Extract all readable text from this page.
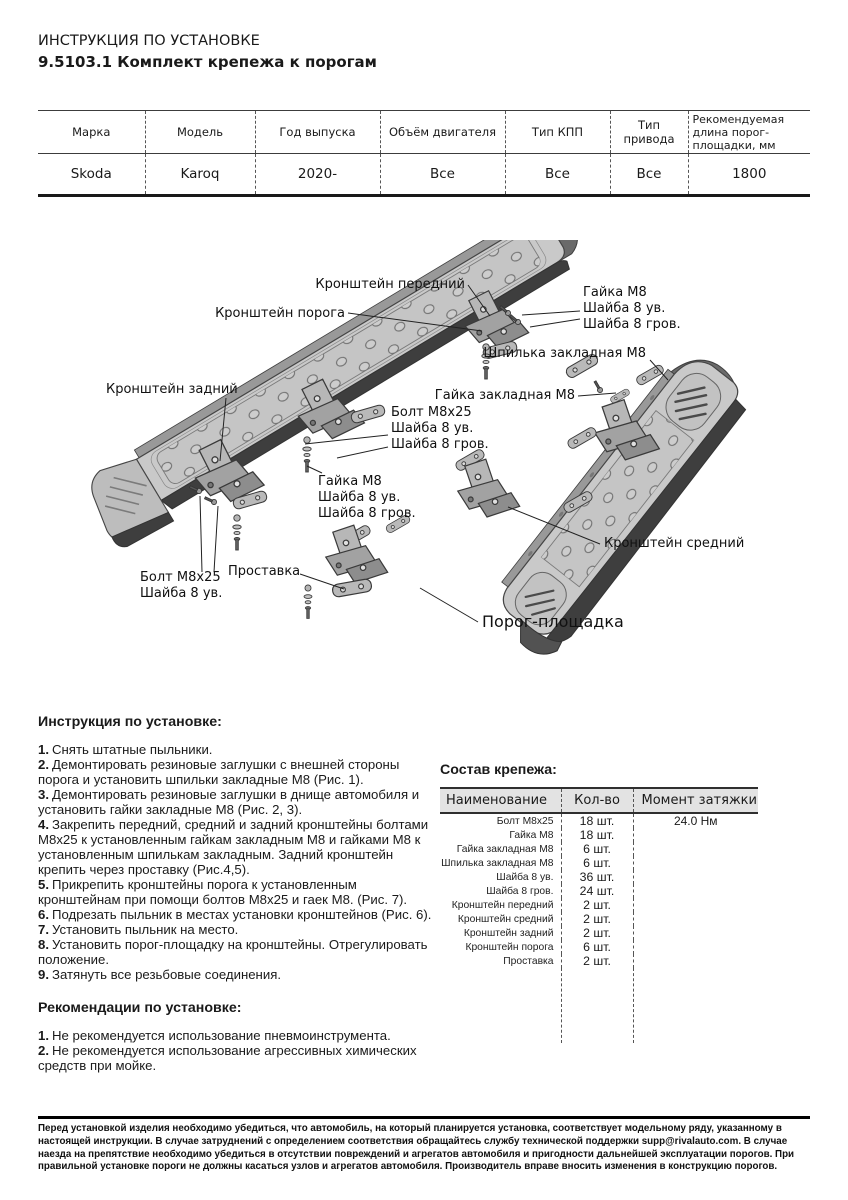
ИНСТРУКЦИЯ ПО УСТАНОВКЕ
9.5103.1 Комплект крепежа к порогам
Марка	Модель	Год выпуска	Объём двигателя	Тип КПП	Тип привода	Рекомендуемая длина порог-площадки, мм
Skoda	Karoq	2020-	Все	Все	Все	1800
Кронштейн передний
Кронштейн порога
Гайка М8
Шайба 8 ув.
Шайба 8 гров.
Шпилька закладная М8
Гайка закладная М8
Кронштейн задний
Болт М8х25
Шайба 8 ув.
Шайба 8 гров.
Гайка М8
Шайба 8 ув.
Шайба 8 гров.
Кронштейн средний
Проставка
Болт М8х25
Шайба 8 ув.
Порог-площадка

Инструкция по установке:

1. Снять штатные пыльники.

2. Демонтировать резиновые заглушки с внешней стороны порога и установить шпильки закладные М8 (Рис. 1).

3. Демонтировать резиновые заглушки в днище автомобиля и установить гайки закладные М8 (Рис. 2, 3).

4. Закрепить передний, средний и задний кронштейны болтами М8х25 к установленным гайкам закладным М8 и гайками М8 к установленным шпилькам закладным. Задний кронштейн крепить через проставку (Рис.4,5).

5. Прикрепить кронштейны порога к установленным кронштейнам при помощи болтов М8х25 и гаек М8. (Рис. 7).

6. Подрезать пыльник в местах установки кронштейнов (Рис. 6).

7. Установить пыльник на место.

8. Установить порог-площадку на кронштейны. Отрегулировать положение.

9. Затянуть все резьбовые соединения.

Рекомендации по установке:

1. Не рекомендуется использование пневмоинструмента.

2. Не рекомендуется использование агрессивных химических средств при мойке.

Состав крепежа:
Наименование	Кол-во	Момент затяжки
Болт М8х25	18 шт.	24.0 Нм
Гайка М8	18 шт.	
Гайка закладная М8	6 шт.	
Шпилька закладная М8	6 шт.	
Шайба 8 ув.	36 шт.	
Шайба 8 гров.	24 шт.	
Кронштейн передний	2 шт.	
Кронштейн средний	2 шт.	
Кронштейн задний	2 шт.	
Кронштейн порога	6 шт.	
Проставка	2 шт.	

Перед установкой изделия необходимо убедиться, что автомобиль, на который планируется установка, соответствует модельному ряду, указанному в настоящей инструкции. В случае затруднений с определением соответствия обращайтесь службу технической поддержки supp@rivalauto.com. В случае наезда на препятствие необходимо убедиться в отсутствии повреждений и агрегатов автомобиля и пригодности дальнейшей эксплуатации порогов. При правильной установке пороги не должны касаться узлов и агрегатов автомобиля. Производитель вправе вносить изменения в конструкцию порогов.
